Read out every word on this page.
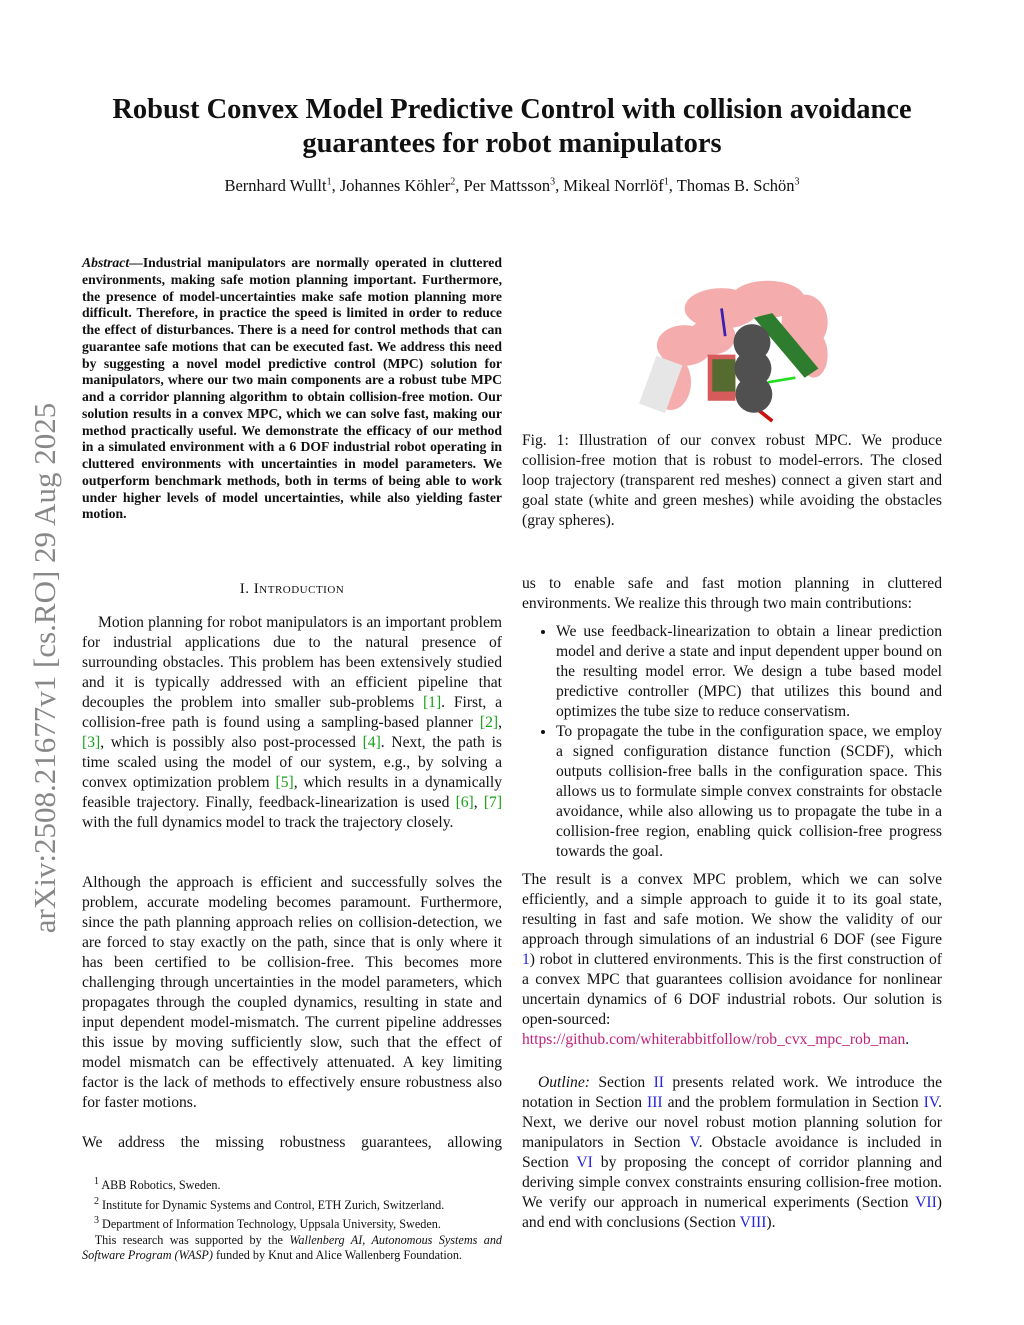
arXiv:2508.21677v1 [cs.RO] 29 Aug 2025
Robust Convex Model Predictive Control with collision avoidance
guarantees for robot manipulators
Bernhard Wullt$^1$, Johannes Köhler$^2$, Per Mattsson$^3$, Mikeal Norrlöf$^1$, Thomas B. Schön$^3$

Abstract—Industrial manipulators are normally operated in cluttered environments, making safe motion planning important. Furthermore, the presence of model-uncertainties make safe motion planning more difficult. Therefore, in practice the speed is limited in order to reduce the effect of disturbances. There is a need for control methods that can guarantee safe motions that can be executed fast. We address this need by suggesting a novel model predictive control (MPC) solution for manipulators, where our two main components are a robust tube MPC and a corridor planning algorithm to obtain collision-free motion. Our solution results in a convex MPC, which we can solve fast, making our method practically useful. We demonstrate the efficacy of our method in a simulated environment with a 6 DOF industrial robot operating in cluttered environments with uncertainties in model parameters. We outperform benchmark methods, both in terms of being able to work under higher levels of model uncertainties, while also yielding faster motion.

Fig. 1: Illustration of our convex robust MPC. We produce collision-free motion that is robust to model-errors. The closed loop trajectory (transparent red meshes) connect a given start and goal state (white and green meshes) while avoiding the obstacles (gray spheres).

I. Introduction

Motion planning for robot manipulators is an important problem for industrial applications due to the natural presence of surrounding obstacles. This problem has been extensively studied and it is typically addressed with an efficient pipeline that decouples the problem into smaller sub-problems [1]. First, a collision-free path is found using a sampling-based planner [2], [3], which is possibly also post-processed [4]. Next, the path is time scaled using the model of our system, e.g., by solving a convex optimization problem [5], which results in a dynamically feasible trajectory. Finally, feedback-linearization is used [6], [7] with the full dynamics model to track the trajectory closely.

Although the approach is efficient and successfully solves the problem, accurate modeling becomes paramount. Furthermore, since the path planning approach relies on collision-detection, we are forced to stay exactly on the path, since that is only where it has been certified to be collision-free. This becomes more challenging through uncertainties in the model parameters, which propagates through the coupled dynamics, resulting in state and input dependent model-mismatch. The current pipeline addresses this issue by moving sufficiently slow, such that the effect of model mismatch can be effectively attenuated. A key limiting factor is the lack of methods to effectively ensure robustness also for faster motions.

We address the missing robustness guarantees, allowing

$^1$ ABB Robotics, Sweden.
$^2$ Institute for Dynamic Systems and Control, ETH Zurich, Switzerland.
$^3$ Department of Information Technology, Uppsala University, Sweden.
This research was supported by the Wallenberg AI, Autonomous Systems and Software Program (WASP) funded by Knut and Alice Wallenberg Foundation.

us to enable safe and fast motion planning in cluttered environments. We realize this through two main contributions:

• We use feedback-linearization to obtain a linear prediction model and derive a state and input dependent upper bound on the resulting model error. We design a tube based model predictive controller (MPC) that utilizes this bound and optimizes the tube size to reduce conservatism.
• To propagate the tube in the configuration space, we employ a signed configuration distance function (SCDF), which outputs collision-free balls in the configuration space. This allows us to formulate simple convex constraints for obstacle avoidance, while also allowing us to propagate the tube in a collision-free region, enabling quick collision-free progress towards the goal.

The result is a convex MPC problem, which we can solve efficiently, and a simple approach to guide it to its goal state, resulting in fast and safe motion. We show the validity of our approach through simulations of an industrial 6 DOF (see Figure 1) robot in cluttered environments. This is the first construction of a convex MPC that guarantees collision avoidance for nonlinear uncertain dynamics of 6 DOF industrial robots. Our solution is open-sourced: https://github.com/whiterabbitfollow/rob_cvx_mpc_rob_man.

Outline: Section II presents related work. We introduce the notation in Section III and the problem formulation in Section IV. Next, we derive our novel robust motion planning solution for manipulators in Section V. Obstacle avoidance is included in Section VI by proposing the concept of corridor planning and deriving simple convex constraints ensuring collision-free motion. We verify our approach in numerical experiments (Section VII) and end with conclusions (Section VIII).
